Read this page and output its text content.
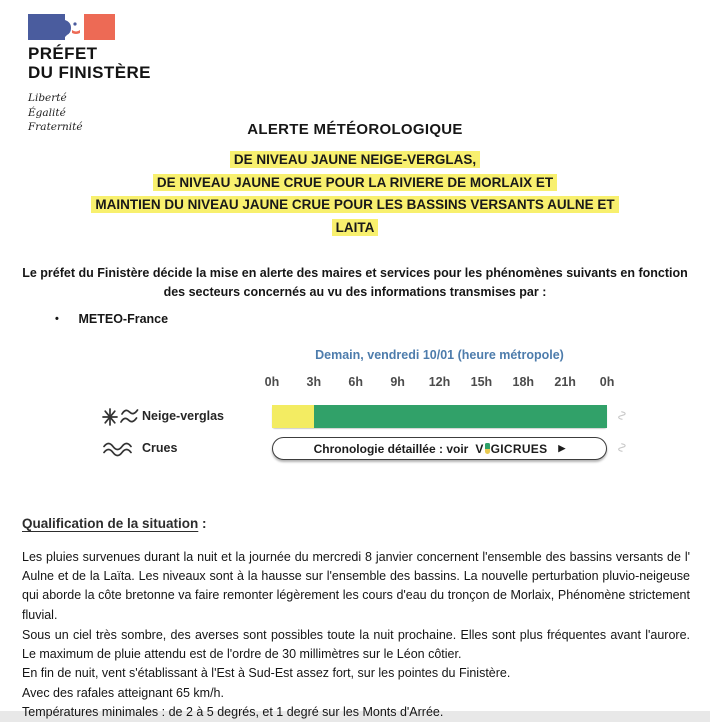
PRÉFET
DU FINISTÈRE
Liberté
Égalité
Fraternité	ALERTE MÉTÉOROLOGIQUE
DE NIVEAU JAUNE NEIGE-VERGLAS,
DE NIVEAU JAUNE CRUE POUR LA RIVIERE DE MORLAIX ET
MAINTIEN DU NIVEAU JAUNE CRUE POUR LES BASSINS VERSANTS AULNE ET
LAITA
Le préfet du Finistère décide la mise en alerte des maires et services pour les phénomènes suivants en fonction des secteurs concernés au vu des informations transmises par :
• METEO-France
Demain, vendredi 10/01 (heure métropole)
0h	3h	6h	9h	12h	15h	18h	21h	0h
Neige-verglas	∿
Crues	Chronologie détaillée : voir V GICRUES ▶	∿
Qualification de la situation :
Les pluies survenues durant la nuit et la journée du mercredi 8 janvier concernent l'ensemble des bassins versants de l' Aulne et de la Laïta. Les niveaux sont à la hausse sur l'ensemble des bassins. La nouvelle perturbation pluvio-neigeuse qui aborde la côte bretonne va faire remonter légèrement les cours d'eau du tronçon de Morlaix, Phénomène strictement fluvial.
Sous un ciel très sombre, des averses sont possibles toute la nuit prochaine. Elles sont plus fréquentes avant l'aurore. Le maximum de pluie attendu est de l'ordre de 30 millimètres sur le Léon côtier.
En fin de nuit, vent s'établissant à l'Est à Sud-Est assez fort, sur les pointes du Finistère.
Avec des rafales atteignant 65 km/h.
Températures minimales : de 2 à 5 degrés, et 1 degré sur les Monts d'Arrée.
